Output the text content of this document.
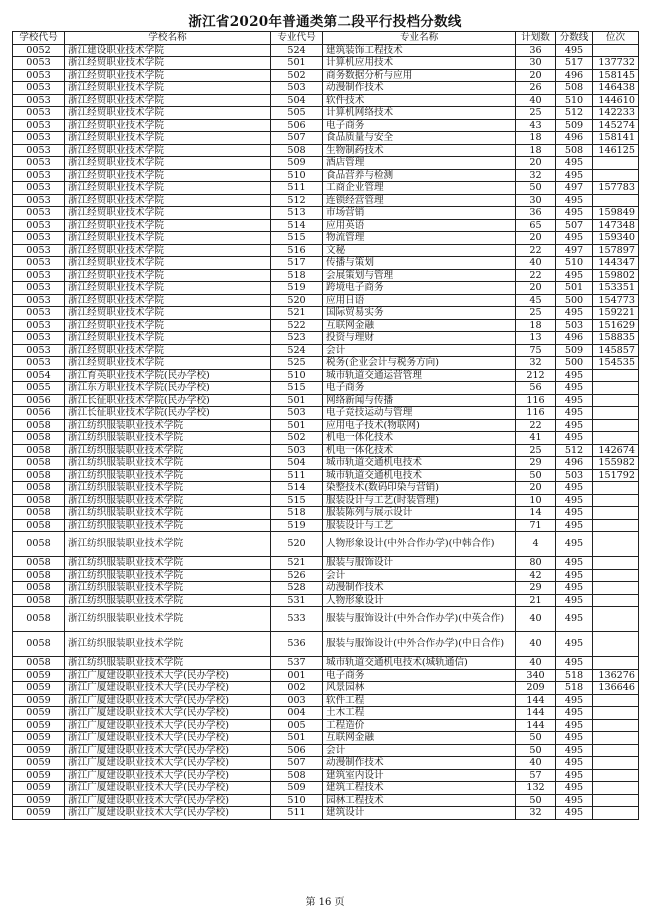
浙江省2020年普通类第二段平行投档分数线
学校代号	学校名称	专业代号	专业名称	计划数	分数线	位次
0052	浙江建设职业技术学院	524	建筑装饰工程技术	36	495	
0053	浙江经贸职业技术学院	501	计算机应用技术	30	517	137732
0053	浙江经贸职业技术学院	502	商务数据分析与应用	20	496	158145
0053	浙江经贸职业技术学院	503	动漫制作技术	26	508	146438
0053	浙江经贸职业技术学院	504	软件技术	40	510	144610
0053	浙江经贸职业技术学院	505	计算机网络技术	25	512	142233
0053	浙江经贸职业技术学院	506	电子商务	43	509	145274
0053	浙江经贸职业技术学院	507	食品质量与安全	18	496	158141
0053	浙江经贸职业技术学院	508	生物制药技术	18	508	146125
0053	浙江经贸职业技术学院	509	酒店管理	20	495	
0053	浙江经贸职业技术学院	510	食品营养与检测	32	495	
0053	浙江经贸职业技术学院	511	工商企业管理	50	497	157783
0053	浙江经贸职业技术学院	512	连锁经营管理	30	495	
0053	浙江经贸职业技术学院	513	市场营销	36	495	159849
0053	浙江经贸职业技术学院	514	应用英语	65	507	147348
0053	浙江经贸职业技术学院	515	物流管理	20	495	159340
0053	浙江经贸职业技术学院	516	文秘	22	497	157897
0053	浙江经贸职业技术学院	517	传播与策划	40	510	144347
0053	浙江经贸职业技术学院	518	会展策划与管理	22	495	159802
0053	浙江经贸职业技术学院	519	跨境电子商务	20	501	153351
0053	浙江经贸职业技术学院	520	应用日语	45	500	154773
0053	浙江经贸职业技术学院	521	国际贸易实务	25	495	159221
0053	浙江经贸职业技术学院	522	互联网金融	18	503	151629
0053	浙江经贸职业技术学院	523	投资与理财	13	496	158835
0053	浙江经贸职业技术学院	524	会计	75	509	145857
0053	浙江经贸职业技术学院	525	税务(企业会计与税务方向)	32	500	154535
0054	浙江育英职业技术学院(民办学校)	510	城市轨道交通运营管理	212	495	
0055	浙江东方职业技术学院(民办学校)	515	电子商务	56	495	
0056	浙江长征职业技术学院(民办学校)	501	网络新闻与传播	116	495	
0056	浙江长征职业技术学院(民办学校)	503	电子竞技运动与管理	116	495	
0058	浙江纺织服装职业技术学院	501	应用电子技术(物联网)	22	495	
0058	浙江纺织服装职业技术学院	502	机电一体化技术	41	495	
0058	浙江纺织服装职业技术学院	503	机电一体化技术	25	512	142674
0058	浙江纺织服装职业技术学院	504	城市轨道交通机电技术	29	496	155982
0058	浙江纺织服装职业技术学院	511	城市轨道交通机电技术	50	503	151792
0058	浙江纺织服装职业技术学院	514	染整技术(数码印染与营销)	20	495	
0058	浙江纺织服装职业技术学院	515	服装设计与工艺(时装管理)	10	495	
0058	浙江纺织服装职业技术学院	518	服装陈列与展示设计	14	495	
0058	浙江纺织服装职业技术学院	519	服装设计与工艺	71	495	
0058	浙江纺织服装职业技术学院	520	人物形象设计(中外合作办学)(中韩合作)	4	495	
0058	浙江纺织服装职业技术学院	521	服装与服饰设计	80	495	
0058	浙江纺织服装职业技术学院	526	会计	42	495	
0058	浙江纺织服装职业技术学院	528	动漫制作技术	29	495	
0058	浙江纺织服装职业技术学院	531	人物形象设计	21	495	
0058	浙江纺织服装职业技术学院	533	服装与服饰设计(中外合作办学)(中英合作)	40	495	
0058	浙江纺织服装职业技术学院	536	服装与服饰设计(中外合作办学)(中日合作)	40	495	
0058	浙江纺织服装职业技术学院	537	城市轨道交通机电技术(城轨通信)	40	495	
0059	浙江广厦建设职业技术大学(民办学校)	001	电子商务	340	518	136276
0059	浙江广厦建设职业技术大学(民办学校)	002	风景园林	209	518	136646
0059	浙江广厦建设职业技术大学(民办学校)	003	软件工程	144	495	
0059	浙江广厦建设职业技术大学(民办学校)	004	土木工程	144	495	
0059	浙江广厦建设职业技术大学(民办学校)	005	工程造价	144	495	
0059	浙江广厦建设职业技术大学(民办学校)	501	互联网金融	50	495	
0059	浙江广厦建设职业技术大学(民办学校)	506	会计	50	495	
0059	浙江广厦建设职业技术大学(民办学校)	507	动漫制作技术	40	495	
0059	浙江广厦建设职业技术大学(民办学校)	508	建筑室内设计	57	495	
0059	浙江广厦建设职业技术大学(民办学校)	509	建筑工程技术	132	495	
0059	浙江广厦建设职业技术大学(民办学校)	510	园林工程技术	50	495	
0059	浙江广厦建设职业技术大学(民办学校)	511	建筑设计	32	495	
第 16 页
